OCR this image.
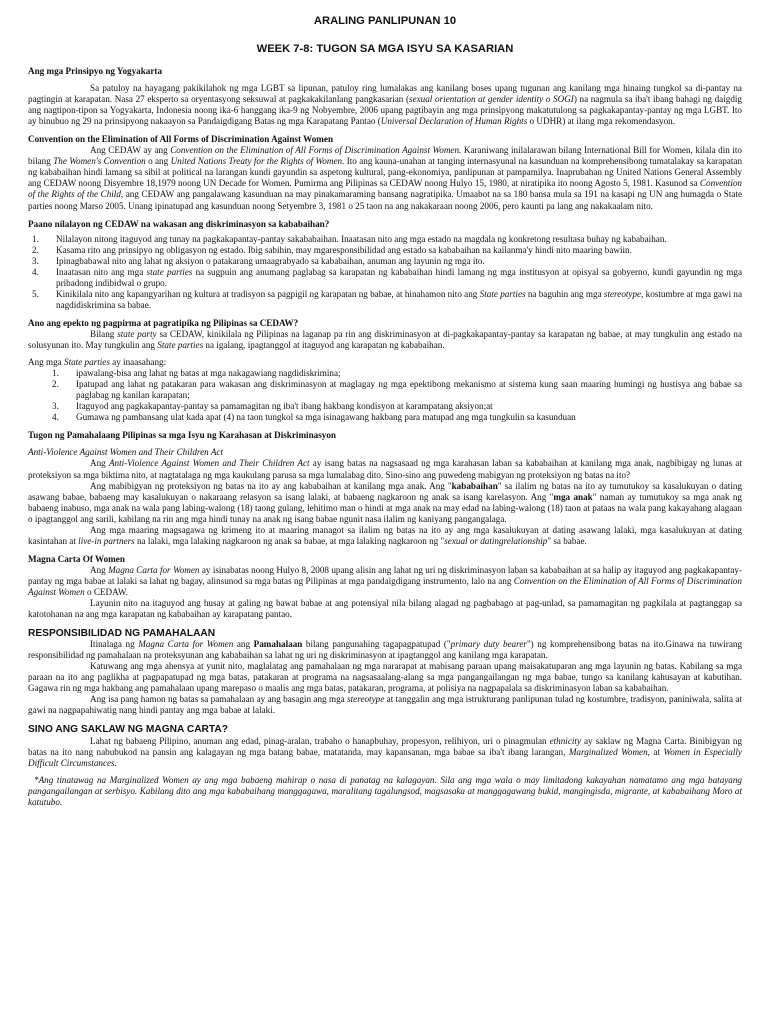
ARALING PANLIPUNAN 10
WEEK 7-8: TUGON SA MGA ISYU SA KASARIAN
Ang mga Prinsipyo ng Yogyakarta

Sa patuloy na hayagang pakikilahok ng mga LGBT sa lipunan, patuloy ring lumalakas ang kanilang boses upang tugunan ang kanilang mga hinaing tungkol sa di-pantay na pagtingin at karapatan. Nasa 27 eksperto sa oryentasyong seksuwal at pagkakakilanlang pangkasarian (sexual orientation at gender identity o SOGI) na nagmula sa iba't ibang bahagi ng daigdig ang nagtipon-tipon sa Yogyakarta, Indonesia noong ika-6 hanggang ika-9 ng Nobyembre, 2006 upang pagtibayin ang mga prinsipyong makatutulong sa pagkakapantay-pantay ng mga LGBT. Ito ay binubuo ng 29 na prinsipyong nakaayon sa Pandaigdigang Batas ng mga Karapatang Pantao (Universal Declaration of Human Rights o UDHR) at ilang mga rekomendasyon.

Convention on the Elimination of All Forms of Discrimination Against Women

Ang CEDAW ay ang Convention on the Elimination of All Forms of Discrimination Against Women. Karaniwang inilalarawan bilang International Bill for Women, kilala din ito bilang The Women's Convention o ang United Nations Treaty for the Rights of Women. Ito ang kauna-unahan at tanging internasyunal na kasunduan na komprehensibong tumatalakay sa karapatan ng kababaihan hindi lamang sa sibil at political na larangan kundi gayundin sa aspetong kultural, pang-ekonomiya, panlipunan at pampamilya. Inaprubahan ng United Nations General Assembly ang CEDAW noong Disyembre 18,1979 noong UN Decade for Women. Pumirma ang Pilipinas sa CEDAW noong Hulyo 15, 1980, at niratipika ito noong Agosto 5, 1981. Kasunod sa Convention of the Rights of the Child, ang CEDAW ang pangalawang kasunduan na may pinakamaraming bansang nagratipika. Umaabot na sa 180 bansa mula sa 191 na kasapi ng UN ang humagda o State parties noong Marso 2005. Unang ipinatupad ang kasunduan noong Setyembre 3, 1981 o 25 taon na ang nakakaraan noong 2006, pero kaunti pa lang ang nakakaalam nito.

Paano nilalayon ng CEDAW na wakasan ang diskriminasyon sa kababaihan?
1. Nilalayon nitong itaguyod ang tunay na pagkakapantay-pantay sakababaihan. Inaatasan nito ang mga estado na magdala ng konkretong resultasa buhay ng kababaihan.
2. Kasama rito ang prinsipyo ng obligasyon ng estado. Ibig sabihin, may mgaresponsibilidad ang estado sa kababaihan na kailanma'y hindi nito maaring bawiin.
3. Ipinagbabawal nito ang lahat ng aksiyon o patakarang umaagrabyado sa kababaihan, anuman ang layunin ng mga ito.
4. Inaatasan nito ang mga state parties na sugpuin ang anumang paglabag sa karapatan ng kababaihan hindi lamang ng mga institusyon at opisyal sa gobyerno, kundi gayundin ng mga pribadong indibidwal o grupo.
5. Kinikilala nito ang kapangyarihan ng kultura at tradisyon sa pagpigil ng karapatan ng babae, at hinahamon nito ang State parties na baguhin ang mga stereotype, kostumbre at mga gawi na nagdidiskrimina sa babae.
Ano ang epekto ng pagpirma at pagratipika ng Pilipinas sa CEDAW?

Bilang state party sa CEDAW, kinikilala ng Pilipinas na laganap pa rin ang diskriminasyon at di-pagkakapantay-pantay sa karapatan ng babae, at may tungkulin ang estado na solusyunan ito. May tungkulin ang State parties na igalang, ipagtanggol at itaguyod ang karapatan ng kababaihan.

Ang mga State parties ay inaasahang:

1. ipawalang-bisa ang lahat ng batas at mga nakagawiang nagdidiskrimina;
2. Ipatupad ang lahat ng patakaran para wakasan ang diskriminasyon at maglagay ng mga epektibong mekanismo at sistema kung saan maaring humingi ng hustisya ang babae sa paglabag ng kanilan karapatan;
3. Itaguyod ang pagkakapantay-pantay sa pamamagitan ng iba't ibang hakbang kondisyon at karampatang aksiyon;at
4. Gumawa ng pambansang ulat kada apat (4) na taon tungkol sa mga isinagawang hakbang para matupad ang mga tungkulin sa kasunduan
Tugon ng Pamahalaang Pilipinas sa mga Isyu ng Karahasan at Diskriminasyon
Anti-Violence Against Women and Their Children Act

Ang Anti-Violence Against Women and Their Children Act ay isang batas na nagsasaad ng mga karahasan laban sa kababaihan at kanilang mga anak, nagbibigay ng lunas at proteksiyon sa mga biktima nito, at nagtatalaga ng mga kaukulang parusa sa mga lumalabag dito. Sino-sino ang puwedeng mabigyan ng proteksiyon ng batas na ito?

Ang mabibigyan ng proteksiyon ng batas na ito ay ang kababaihan at kanilang mga anak. Ang "kababaihan" sa ilalim ng batas na ito ay tumutukoy sa kasalukuyan o dating asawang babae, babaeng may kasalukuyan o nakaraang relasyon sa isang lalaki, at babaeng nagkaroon ng anak sa isang karelasyon. Ang "mga anak" naman ay tumutukoy sa mga anak ng babaeng inabuso, mga anak na wala pang labing-walong (18) taong gulang, lehitimo man o hindi at mga anak na may edad na labing-walong (18) taon at pataas na wala pang kakayahang alagaan o ipagtanggol ang sarili, kabilang na rin ang mga hindi tunay na anak ng isang babae ngunit nasa ilalim ng kaniyang pangangalaga.

Ang mga maaring magsagawa ng krimeng ito at maaring managot sa ilalim ng batas na ito ay ang mga kasalukuyan at dating asawang lalaki, mga kasalukuyan at dating kasintahan at live-in partners na lalaki, mga lalaking nagkaroon ng anak sa babae, at mga lalaking nagkaroon ng "sexual or datingrelationship" sa babae.

Magna Carta Of Women

Ang Magna Carta for Women ay isinabatas noong Hulyo 8, 2008 upang alisin ang lahat ng uri ng diskriminasyon laban sa kababaihan at sa halip ay itaguyod ang pagkakapantay-pantay ng mga babae at lalaki sa lahat ng bagay, alinsunod sa mga batas ng Pilipinas at mga pandaigdigang instrumento, lalo na ang Convention on the Elimination of All Forms of Discrimination Against Women o CEDAW.

Layunin nito na itaguyod ang husay at galing ng bawat babae at ang potensiyal nila bilang alagad ng pagbabago at pag-unlad, sa pamamagitan ng pagkilala at pagtanggap sa katotohanan na ang mga karapatan ng kababaihan ay karapatang pantao.

RESPONSIBILIDAD NG PAMAHALAAN

Itinalaga ng Magna Carta for Women ang Pamahalaan bilang pangunahing tagapagpatupad ("primary duty bearer") ng komprehensibong batas na ito.Ginawa na tuwirang responsibilidad ng pamahalaan na proteksyunan ang kababaihan sa lahat ng uri ng diskriminasyon at ipagtanggol ang kanilang mga karapatan.

Katuwang ang mga ahensya at yunit nito, maglalatag ang pamahalaan ng mga nararapat at mabisang paraan upang maisakatuparan ang mga layunin ng batas. Kabilang sa mga paraan na ito ang paglikha at pagpapatupad ng mga batas, patakaran at programa na nagsasaalang-alang sa mga pangangailangan ng mga babae, tungo sa kanilang kahusayan at kabutihan. Gagawa rin ng mga hakbang ang pamahalaan upang marepaso o maalis ang mga batas, patakaran, programa, at polisiya na nagpapalala sa diskriminasyon laban sa kababaihan.

Ang isa pang hamon ng batas sa pamahalaan ay ang basagin ang mga stereotype at tanggalin ang mga istrukturang panlipunan tulad ng kostumbre, tradisyon, paniniwala, salita at gawi na nagpapahiwatig nang hindi pantay ang mga babae at lalaki.

SINO ANG SAKLAW NG MAGNA CARTA?

Lahat ng babaeng Pilipino, anuman ang edad, pinag-aralan, trabaho o hanapbuhay, propesyon, relihiyon, uri o pinagmulan ethnicity ay saklaw ng Magna Carta. Binibigyan ng batas na ito nang nabubukod na pansin ang kalagayan ng mga batang babae, matatanda, may kapansanan, mga babae sa iba't ibang larangan, Marginalized Women, at Women in Especially Difficult Circumstances.

*Ang tinatawag na Marginalized Women ay ang mga babaeng mahirap o nasa di panatag na kalagayan. Sila ang mga wala o may limitadong kakayahan namatamo ang mga batayang pangangailangan at serbisyo. Kabilang dito ang mga kababaihang manggagawa, maralitang tagalungsod, magsasaka at manggagawang bukid, mangingisda, migrante, at kababaihang Moro at katutubo.
